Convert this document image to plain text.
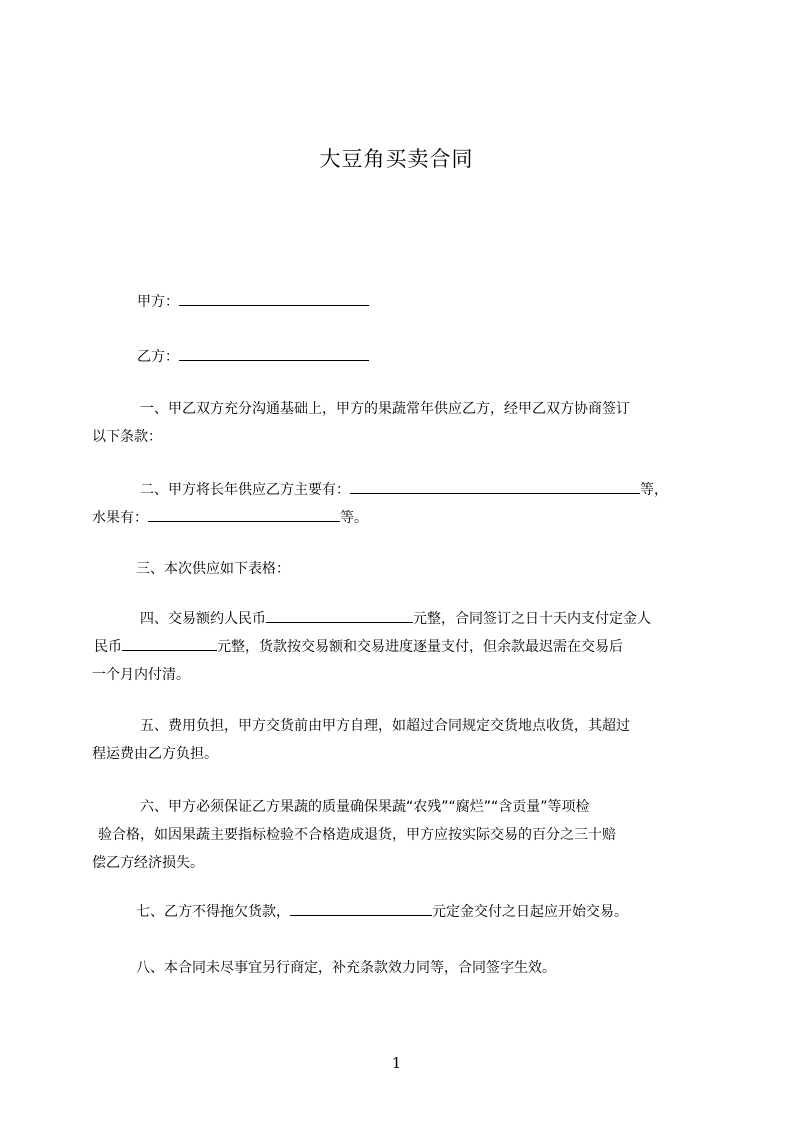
大豆角买卖合同
甲方：
乙方：
一、甲乙双方充分沟通基础上，甲方的果蔬常年供应乙方，经甲乙双方协商签订
以下条款：
二、甲方将长年供应乙方主要有：	等，
水果有：	等。
三、本次供应如下表格：
四、交易额约人民币	元整，合同签订之日十天内支付定金人
民币	元整，货款按交易额和交易进度逐量支付，但余款最迟需在交易后
一个月内付清。
五、费用负担，甲方交货前由甲方自理，如超过合同规定交货地点收货，其超过
程运费由乙方负担。
六、甲方必须保证乙方果蔬的质量确保果蔬“农残”“腐烂”“含贡量”等项检
验合格，如因果蔬主要指标检验不合格造成退货，甲方应按实际交易的百分之三十赔
偿乙方经济损失。
七、乙方不得拖欠货款，	元定金交付之日起应开始交易。
八、本合同未尽事宜另行商定，补充条款效力同等，合同签字生效。
1
